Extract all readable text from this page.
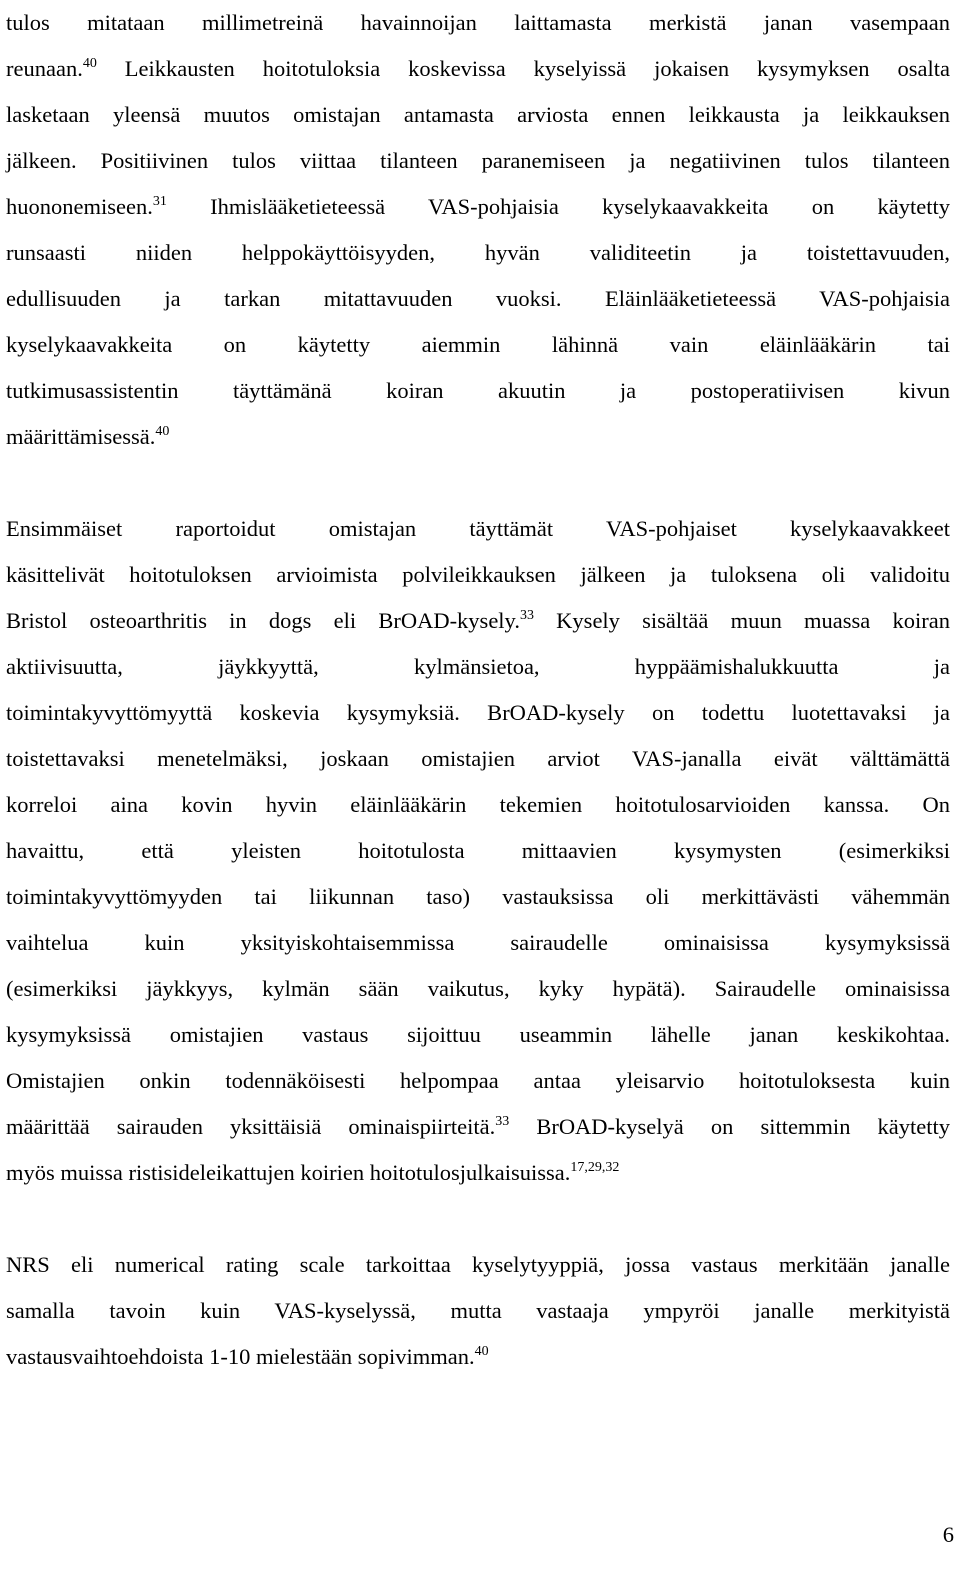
tulos mitataan millimetreinä havainnoijan laittamasta merkistä janan vasempaan
reunaan.$^{40}$ Leikkausten hoitotuloksia koskevissa kyselyissä jokaisen kysymyksen osalta
lasketaan yleensä muutos omistajan antamasta arviosta ennen leikkausta ja leikkauksen
jälkeen. Positiivinen tulos viittaa tilanteen paranemiseen ja negatiivinen tulos tilanteen
huononemiseen.$^{31}$ Ihmislääketieteessä VAS-pohjaisia kyselykaavakkeita on käytetty
runsaasti niiden helppokäyttöisyyden, hyvän validiteetin ja toistettavuuden,
edullisuuden ja tarkan mitattavuuden vuoksi. Eläinlääketieteessä VAS-pohjaisia
kyselykaavakkeita on käytetty aiemmin lähinnä vain eläinlääkärin tai
tutkimusassistentin täyttämänä koiran akuutin ja postoperatiivisen kivun
määrittämisessä.$^{40}$
Ensimmäiset raportoidut omistajan täyttämät VAS-pohjaiset kyselykaavakkeet
käsittelivät hoitotuloksen arvioimista polvileikkauksen jälkeen ja tuloksena oli validoitu
Bristol osteoarthritis in dogs eli BrOAD-kysely.$^{33}$ Kysely sisältää muun muassa koiran
aktiivisuutta, jäykkyyttä, kylmänsietoa, hyppäämishalukkuutta ja
toimintakyvyttömyyttä koskevia kysymyksiä. BrOAD-kysely on todettu luotettavaksi ja
toistettavaksi menetelmäksi, joskaan omistajien arviot VAS-janalla eivät välttämättä
korreloi aina kovin hyvin eläinlääkärin tekemien hoitotulosarvioiden kanssa. On
havaittu, että yleisten hoitotulosta mittaavien kysymysten (esimerkiksi
toimintakyvyttömyyden tai liikunnan taso) vastauksissa oli merkittävästi vähemmän
vaihtelua kuin yksityiskohtaisemmissa sairaudelle ominaisissa kysymyksissä
(esimerkiksi jäykkyys, kylmän sään vaikutus, kyky hypätä). Sairaudelle ominaisissa
kysymyksissä omistajien vastaus sijoittuu useammin lähelle janan keskikohtaa.
Omistajien onkin todennäköisesti helpompaa antaa yleisarvio hoitotuloksesta kuin
määrittää sairauden yksittäisiä ominaispiirteitä.$^{33}$ BrOAD-kyselyä on sittemmin käytetty
myös muissa ristisideleikattujen koirien hoitotulosjulkaisuissa.$^{17,29,32}$
NRS eli numerical rating scale tarkoittaa kyselytyyppiä, jossa vastaus merkitään janalle
samalla tavoin kuin VAS-kyselyssä, mutta vastaaja ympyröi janalle merkityistä
vastausvaihtoehdoista 1-10 mielestään sopivimman.$^{40}$
6
